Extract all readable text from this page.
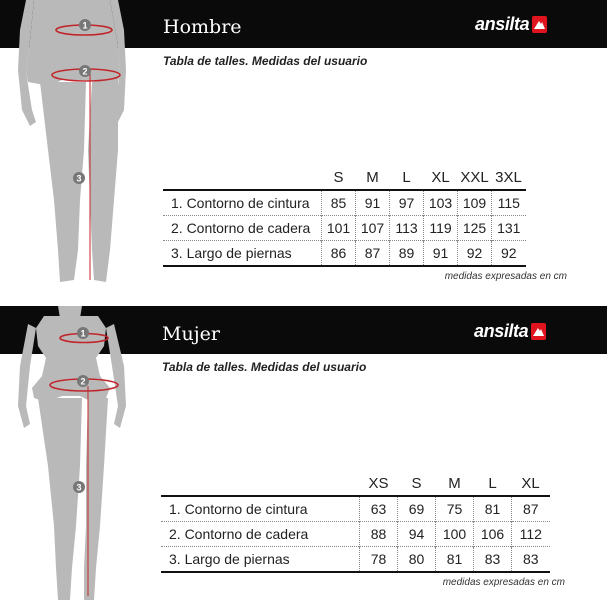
1
2
3
Hombre	ansilta
Tabla de talles. Medidas del usuario
	S	M	L	XL	XXL	3XL
1. Contorno de cintura	85	91	97	103	109	115
2. Contorno de cadera	101	107	113	119	125	131
3. Largo de piernas	86	87	89	91	92	92
medidas expresadas en cm
1
2
3
Mujer	ansilta
Tabla de talles. Medidas del usuario
	XS	S	M	L	XL
1. Contorno de cintura	63	69	75	81	87
2. Contorno de cadera	88	94	100	106	112
3. Largo de piernas	78	80	81	83	83
medidas expresadas en cm
